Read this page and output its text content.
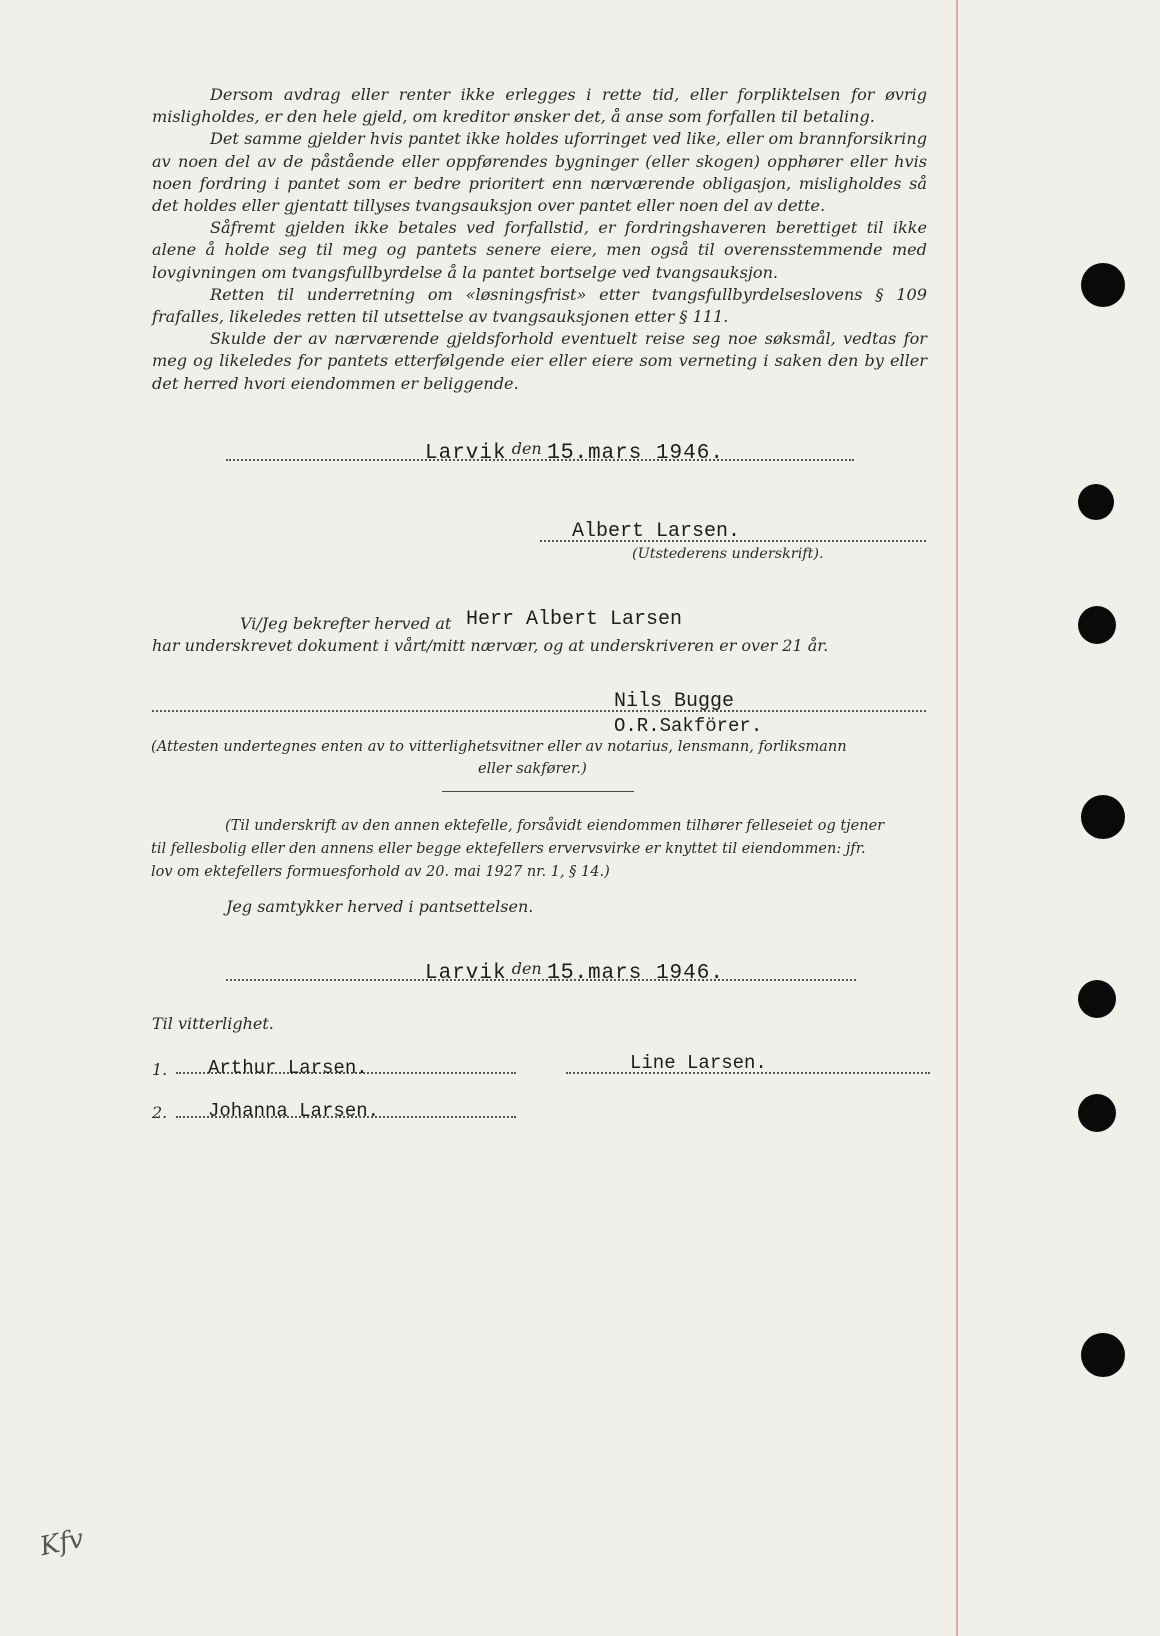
Dersom avdrag eller renter ikke erlegges i rette tid, eller forpliktelsen for øvrig misligholdes, er den hele gjeld, om kreditor ønsker det, å anse som forfallen til betaling.

Det samme gjelder hvis pantet ikke holdes uforringet ved like, eller om brannforsikring av noen del av de påstående eller oppførendes bygninger (eller skogen) opphører eller hvis noen fordring i pantet som er bedre prioritert enn nærværende obligasjon, misligholdes så det holdes eller gjentatt tillyses tvangsauksjon over pantet eller noen del av dette.

Såfremt gjelden ikke betales ved forfallstid, er fordringshaveren berettiget til ikke alene å holde seg til meg og pantets senere eiere, men også til overensstemmende med lovgivningen om tvangsfullbyrdelse å la pantet bortselge ved tvangsauksjon.

Retten til underretning om «løsningsfrist» etter tvangsfullbyrdelseslovens § 109 frafalles, likeledes retten til utsettelse av tvangsauksjonen etter § 111.

Skulde der av nærværende gjeldsforhold eventuelt reise seg noe søksmål, vedtas for meg og likeledes for pantets etterfølgende eier eller eiere som verneting i saken den by eller det herred hvori eiendommen er beliggende.

Larvik den 15.mars 1946.
Albert Larsen.
(Utstederens underskrift).
Vi/Jeg bekrefter herved at Herr Albert Larsen
har underskrevet dokument i vårt/mitt nærvær, og at underskriveren er over 21 år.
Nils Bugge
O.R.Sakförer.
(Attesten undertegnes enten av to vitterlighetsvitner eller av notarius, lensmann, forliksmann
eller sakfører.)
(Til underskrift av den annen ektefelle, forsåvidt eiendommen tilhører felleseiet og tjener
til fellesbolig eller den annens eller begge ektefellers ervervsvirke er knyttet til eiendommen: jfr.
lov om ektefellers formuesforhold av 20. mai 1927 nr. 1, § 14.)
Jeg samtykker herved i pantsettelsen.
Larvik den 15.mars 1946.
Til vitterlighet.
1. Arthur Larsen.	Line Larsen.
2. Johanna Larsen.
Kfv
